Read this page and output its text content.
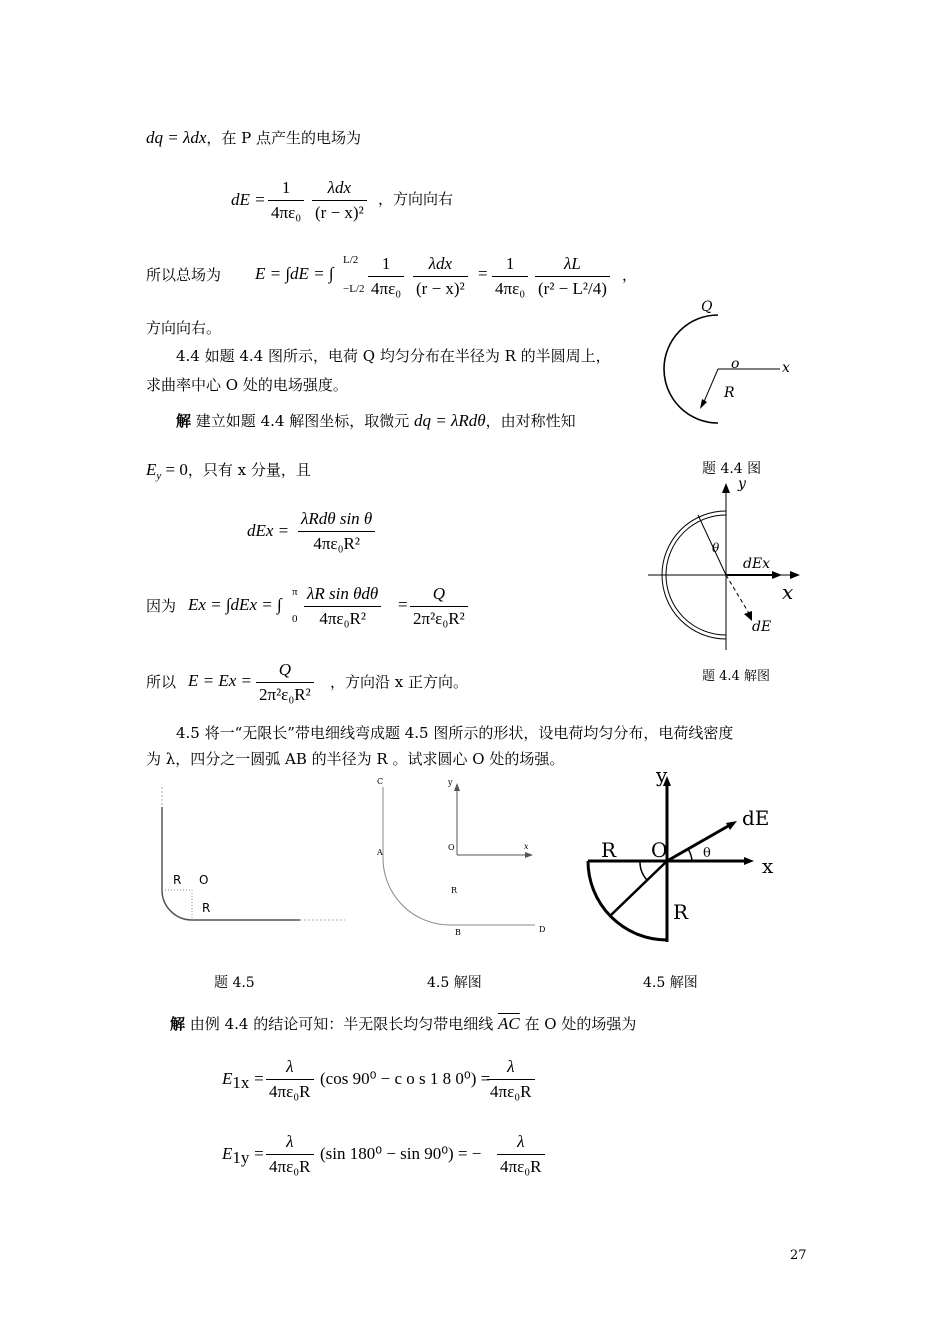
dq = λdx，在 P 点产生的电场为
dE = $\frac{1}{\text{4πε₀}}$	λdx
(r − x)²
，方向向右
所以总场为 E = ∫dE = ∫
L/2
$-L/2 \frac{1}{\text{4πε₀}}$	λdx
(r − x)²
= $\frac{1}{\text{4πε₀}} \frac{\lambda L}{\text{(r² − L²/4)}}$ ，
方向向右。
4.4 如题 4.4 图所示，电荷 Q 均匀分布在半径为 R 的半圆周上，
求曲率中心 O 处的电场强度。
解 建立如题 4.4 解图坐标，取微元 dq = λRdθ，由对称性知
$E_y = 0$，只有 x 分量，且
dEx =
λRdθ sin θ
4πε₀R²
因为 Ex = ∫dEx = ∫
π
0
λR sin θdθ
4πε₀R²
= $\frac{Q}{\text{2π²ε₀R²}}$
所以 $E = Ex = \frac{Q}{\text{2π²ε₀R²}}$ ，方向沿 x 正方向。
Q
o	x
R
题 4.4 图
y
θ
dEx
x
dE
题 4.4 解图
4.5 将一“无限长”带电细线弯成题 4.5 图所示的形状，设电荷均匀分布，电荷线密度
为 λ，四分之一圆弧 AB 的半径为 R 。试求圆心 O 处的场强。
R O
R
题 4.5
C	y
A
O	x
R
B	D
4.5 解图
y
dE
R O
x
R
θ
4.5 解图
解 由例 4.4 的结论可知：半无限长均匀带电细线 $\overline{AC}$ 在 O 处的场强为
$E_{1x} = \frac{\lambda}{\text{4πε₀R}} (\cos$ 90⁰ − c o s 1 8 0⁰) =
$\frac{\lambda}{\text{4πε₀R}}$
$E_{1y} = \frac{\lambda}{\text{4πε₀R}} (\sin$ 180⁰ − sin 90⁰) = − $\frac{\lambda}{\text{4πε₀R}}$
27
